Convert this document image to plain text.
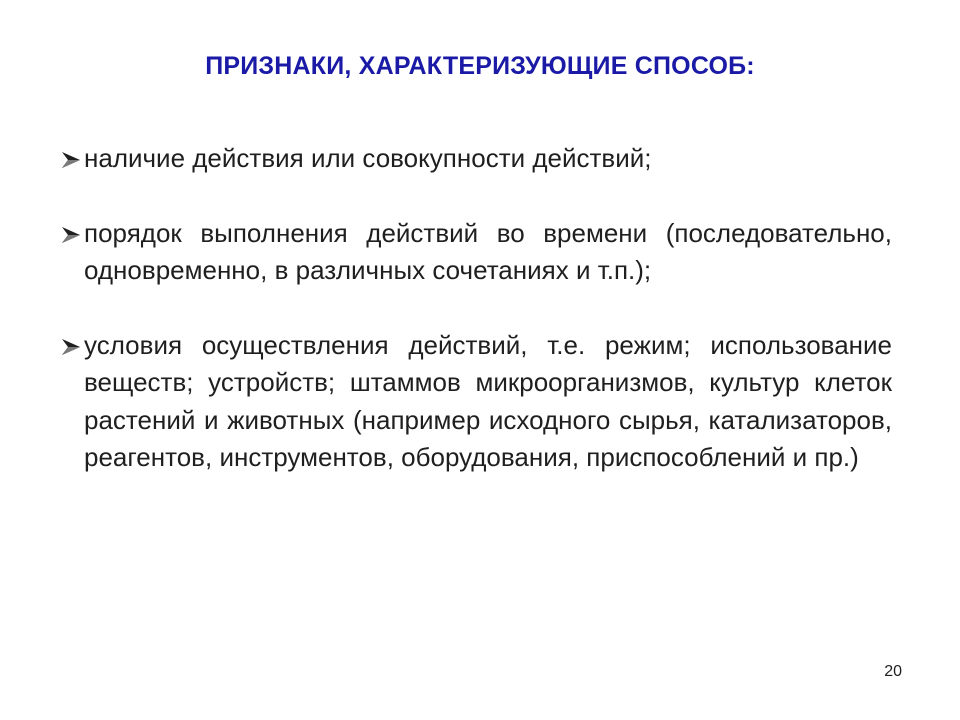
ПРИЗНАКИ, ХАРАКТЕРИЗУЮЩИЕ СПОСОБ:
наличие действия или совокупности действий;
порядок выполнения действий во времени (последовательно, одновременно, в различных сочетаниях и т.п.);
условия осуществления действий, т.е. режим; использование веществ; устройств; штаммов микроорганизмов, культур клеток растений и животных (например исходного сырья, катализаторов, реагентов, инструментов, оборудования, приспособлений и пр.)
20
